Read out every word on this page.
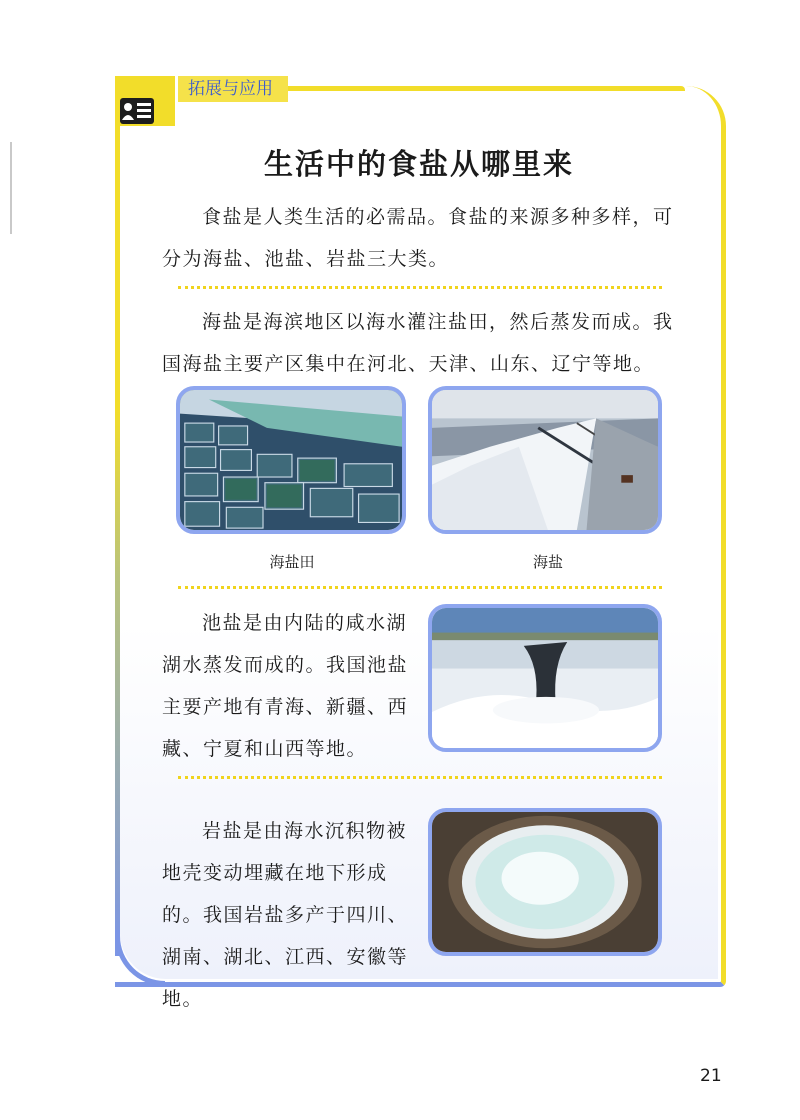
拓展与应用
生活中的食盐从哪里来

食盐是人类生活的必需品。食盐的来源多种多样，可分为海盐、池盐、岩盐三大类。

海盐是海滨地区以海水灌注盐田，然后蒸发而成。我国海盐主要产区集中在河北、天津、山东、辽宁等地。

海盐田	海盐

池盐是由内陆的咸水湖湖水蒸发而成的。我国池盐主要产地有青海、新疆、西藏、宁夏和山西等地。

岩盐是由海水沉积物被地壳变动埋藏在地下形成的。我国岩盐多产于四川、湖南、湖北、江西、安徽等地。

21
